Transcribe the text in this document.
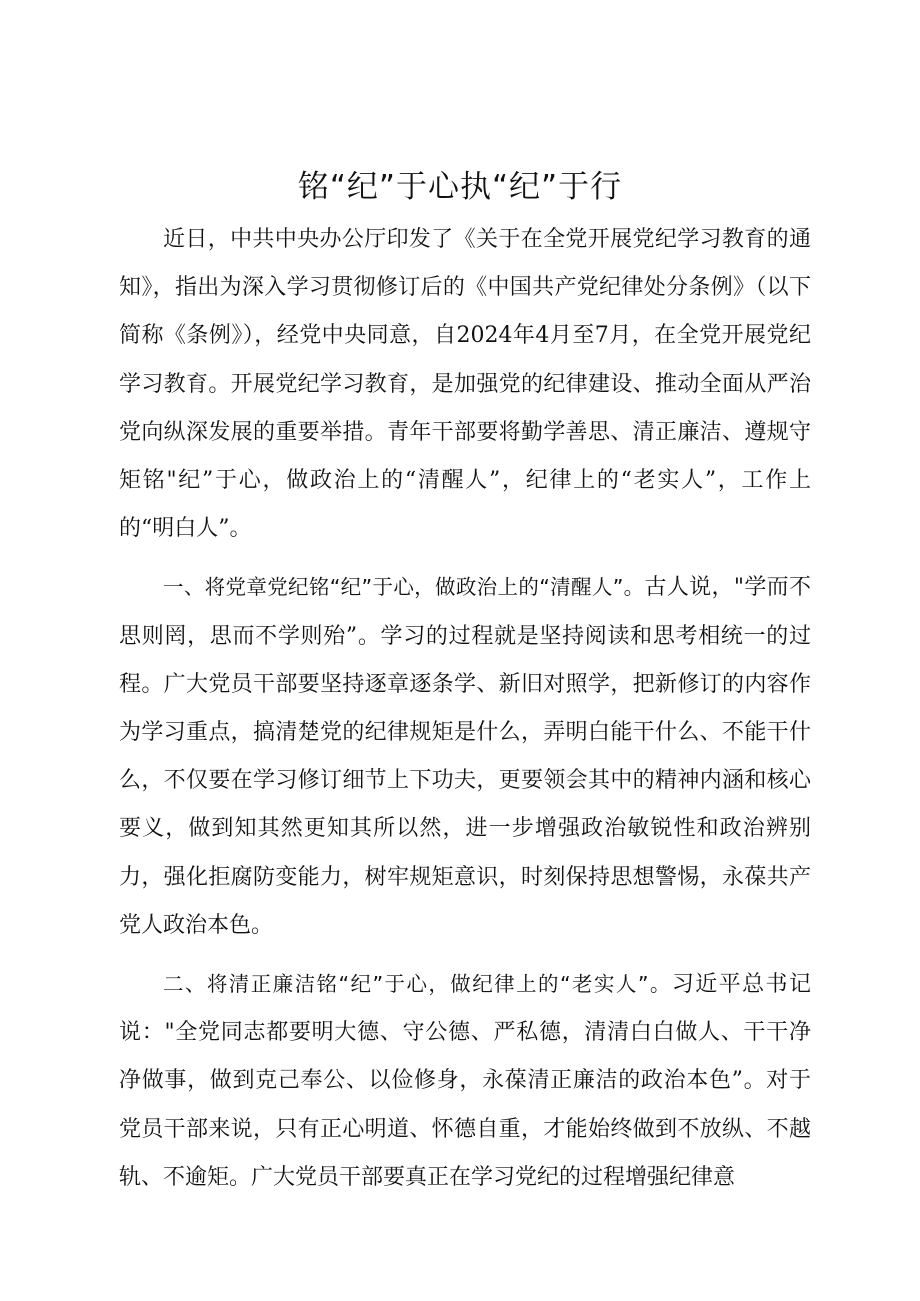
铭“纪”于心执“纪”于行

近日，中共中央办公厅印发了《关于在全党开展党纪学习教育的通知》，指出为深入学习贯彻修订后的《中国共产党纪律处分条例》（以下简称《条例》），经党中央同意，自2024年4月至7月，在全党开展党纪学习教育。开展党纪学习教育，是加强党的纪律建设、推动全面从严治党向纵深发展的重要举措。青年干部要将勤学善思、清正廉洁、遵规守矩铭"纪”于心，做政治上的“清醒人”，纪律上的“老实人”，工作上的“明白人”。

一、将党章党纪铭“纪”于心，做政治上的“清醒人”。古人说，"学而不思则罔，思而不学则殆”。学习的过程就是坚持阅读和思考相统一的过程。广大党员干部要坚持逐章逐条学、新旧对照学，把新修订的内容作为学习重点，搞清楚党的纪律规矩是什么，弄明白能干什么、不能干什么，不仅要在学习修订细节上下功夫，更要领会其中的精神内涵和核心要义，做到知其然更知其所以然，进一步增强政治敏锐性和政治辨别力，强化拒腐防变能力，树牢规矩意识，时刻保持思想警惕，永葆共产党人政治本色。

二、将清正廉洁铭“纪”于心，做纪律上的“老实人”。习近平总书记说："全党同志都要明大德、守公德、严私德，清清白白做人、干干净净做事，做到克己奉公、以俭修身，永葆清正廉洁的政治本色”。对于党员干部来说，只有正心明道、怀德自重，才能始终做到不放纵、不越轨、不逾矩。广大党员干部要真正在学习党纪的过程增强纪律意
